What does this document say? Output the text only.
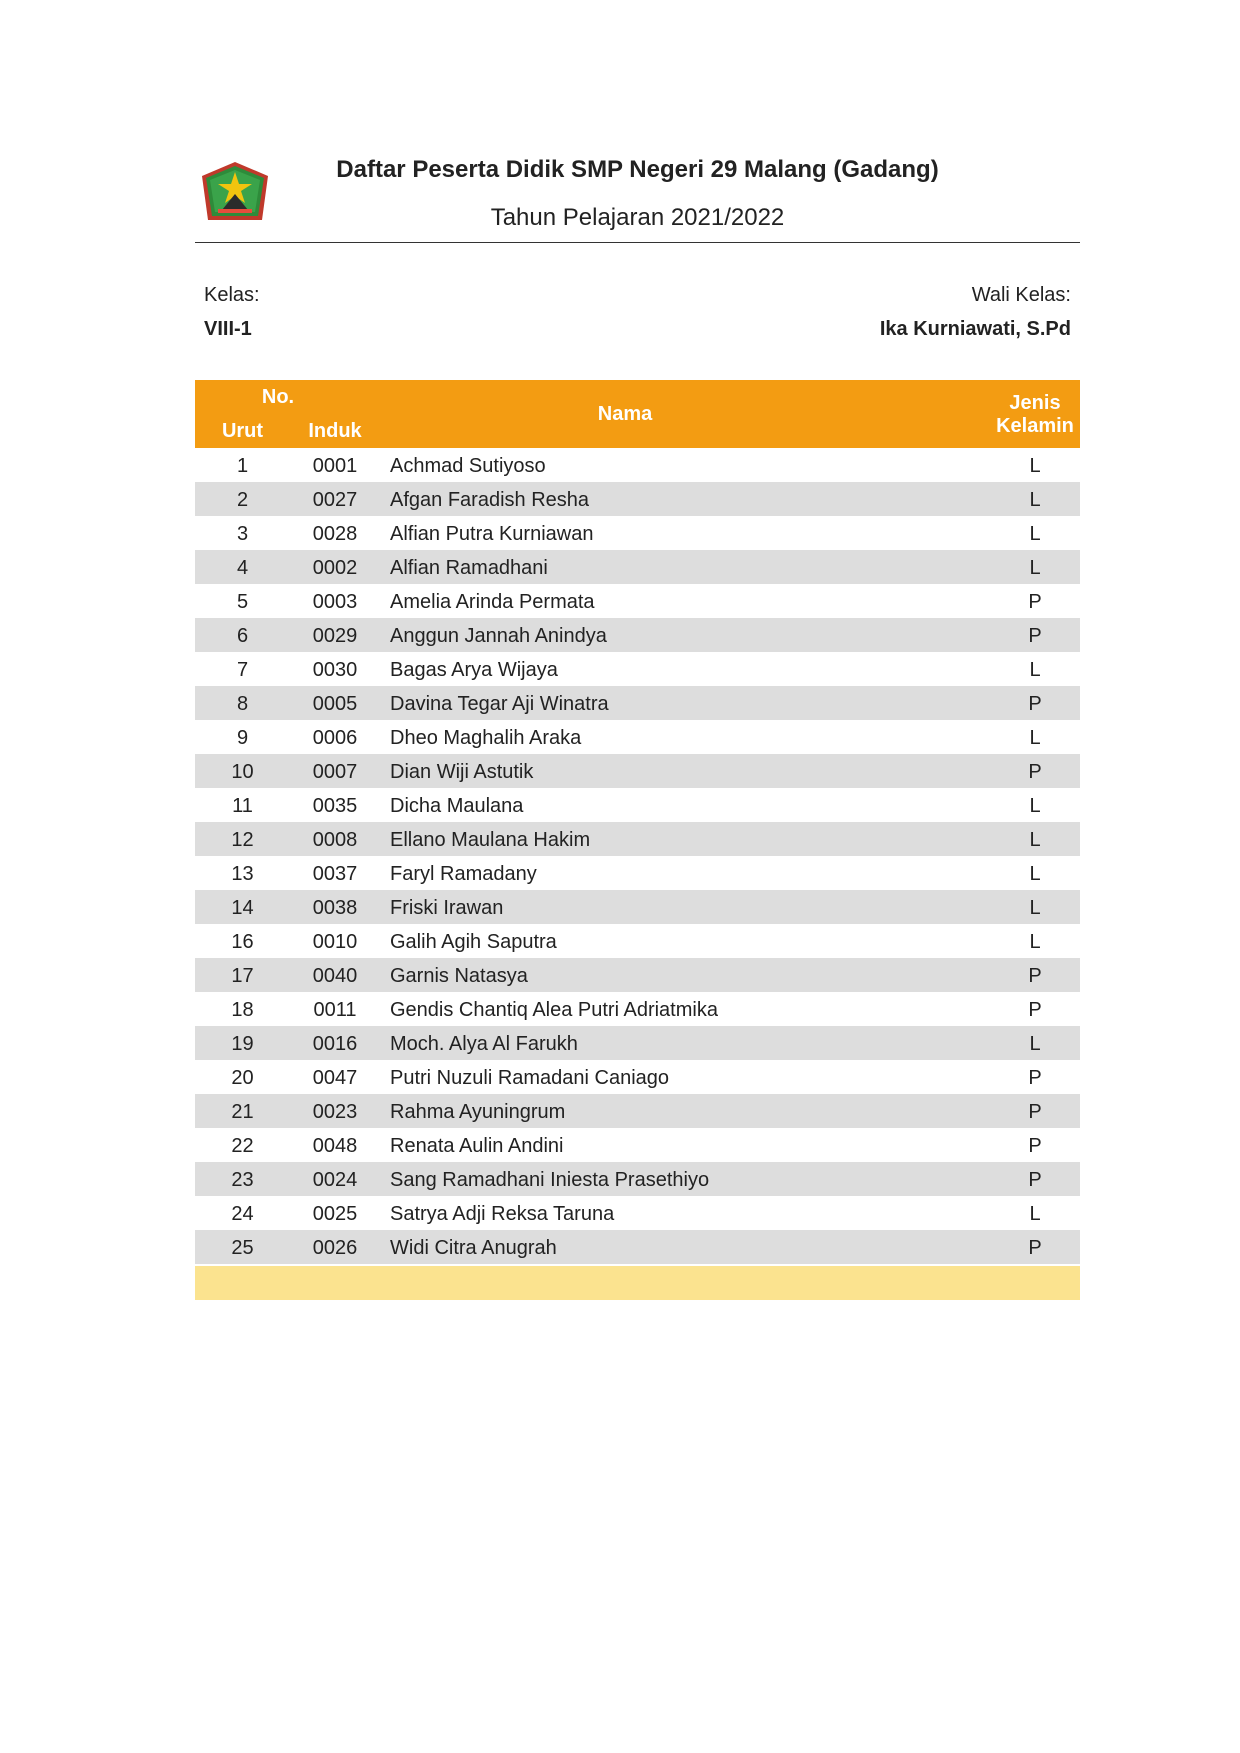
Daftar Peserta Didik SMP Negeri 29 Malang (Gadang)
Tahun Pelajaran 2021/2022
Kelas:
VIII-1
Wali Kelas:
Ika Kurniawati, S.Pd
No.
Urut	Induk
Nama	Jenis
Kelamin
1	0001	Achmad Sutiyoso	L
2	0027	Afgan Faradish Resha	L
3	0028	Alfian Putra Kurniawan	L
4	0002	Alfian Ramadhani	L
5	0003	Amelia Arinda Permata	P
6	0029	Anggun Jannah Anindya	P
7	0030	Bagas Arya Wijaya	L
8	0005	Davina Tegar Aji Winatra	P
9	0006	Dheo Maghalih Araka	L
10	0007	Dian Wiji Astutik	P
11	0035	Dicha Maulana	L
12	0008	Ellano Maulana Hakim	L
13	0037	Faryl Ramadany	L
14	0038	Friski Irawan	L
16	0010	Galih Agih Saputra	L
17	0040	Garnis Natasya	P
18	0011	Gendis Chantiq Alea Putri Adriatmika	P
19	0016	Moch. Alya Al Farukh	L
20	0047	Putri Nuzuli Ramadani Caniago	P
21	0023	Rahma Ayuningrum	P
22	0048	Renata Aulin Andini	P
23	0024	Sang Ramadhani Iniesta Prasethiyo	P
24	0025	Satrya Adji Reksa Taruna	L
25	0026	Widi Citra Anugrah	P
